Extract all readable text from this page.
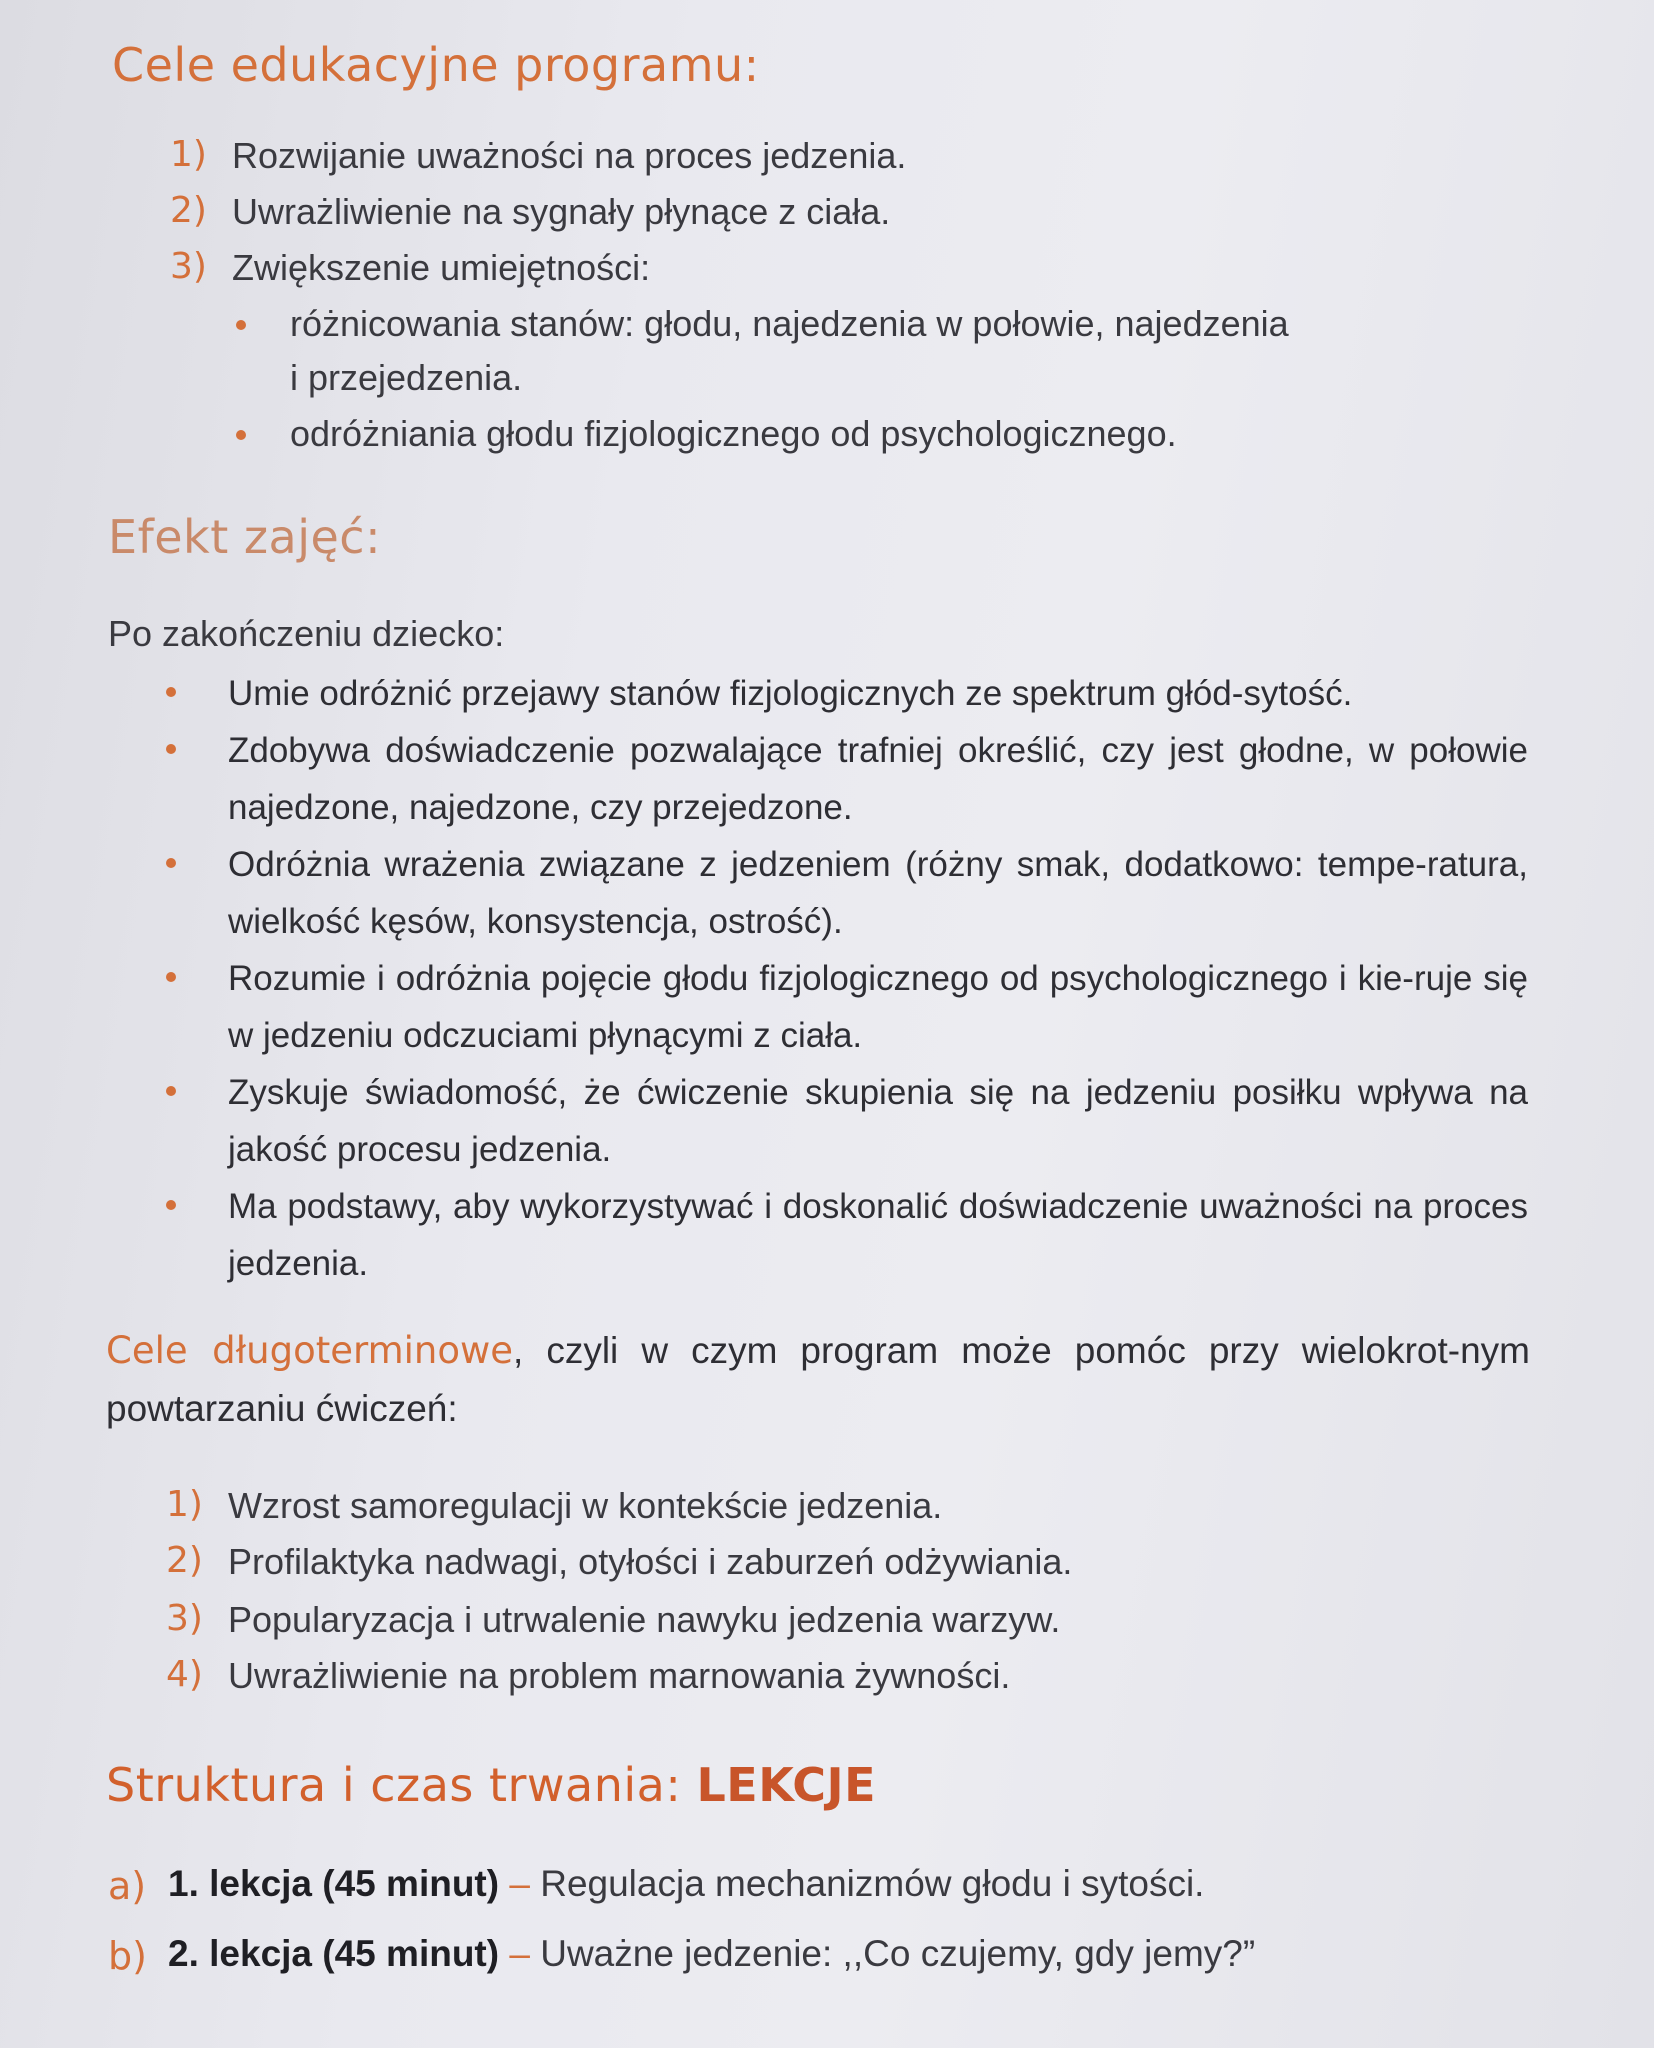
Cele edukacyjne programu:
1) Rozwijanie uważności na proces jedzenia.
2) Uwrażliwienie na sygnały płynące z ciała.
3) Zwiększenie umiejętności:
różnicowania stanów: głodu, najedzenia w połowie, najedzenia
i przejedzenia.
odróżniania głodu fizjologicznego od psychologicznego.
Efekt zajęć:
Po zakończeniu dziecko:
Umie odróżnić przejawy stanów fizjologicznych ze spektrum głód-sytość.
Zdobywa doświadczenie pozwalające trafniej określić, czy jest głodne, w połowie najedzone, najedzone, czy przejedzone.
Odróżnia wrażenia związane z jedzeniem (różny smak, dodatkowo: tempe-ratura, wielkość kęsów, konsystencja, ostrość).
Rozumie i odróżnia pojęcie głodu fizjologicznego od psychologicznego i kie-ruje się w jedzeniu odczuciami płynącymi z ciała.
Zyskuje świadomość, że ćwiczenie skupienia się na jedzeniu posiłku wpływa na jakość procesu jedzenia.
Ma podstawy, aby wykorzystywać i doskonalić doświadczenie uważności na proces jedzenia.
Cele długoterminowe, czyli w czym program może pomóc przy wielokrot-nym powtarzaniu ćwiczeń:
1) Wzrost samoregulacji w kontekście jedzenia.
2) Profilaktyka nadwagi, otyłości i zaburzeń odżywiania.
3) Popularyzacja i utrwalenie nawyku jedzenia warzyw.
4) Uwrażliwienie na problem marnowania żywności.
Struktura i czas trwania: LEKCJE
a) 1. lekcja (45 minut) – Regulacja mechanizmów głodu i sytości.
b) 2. lekcja (45 minut) – Uważne jedzenie: ,,Co czujemy, gdy jemy?”
